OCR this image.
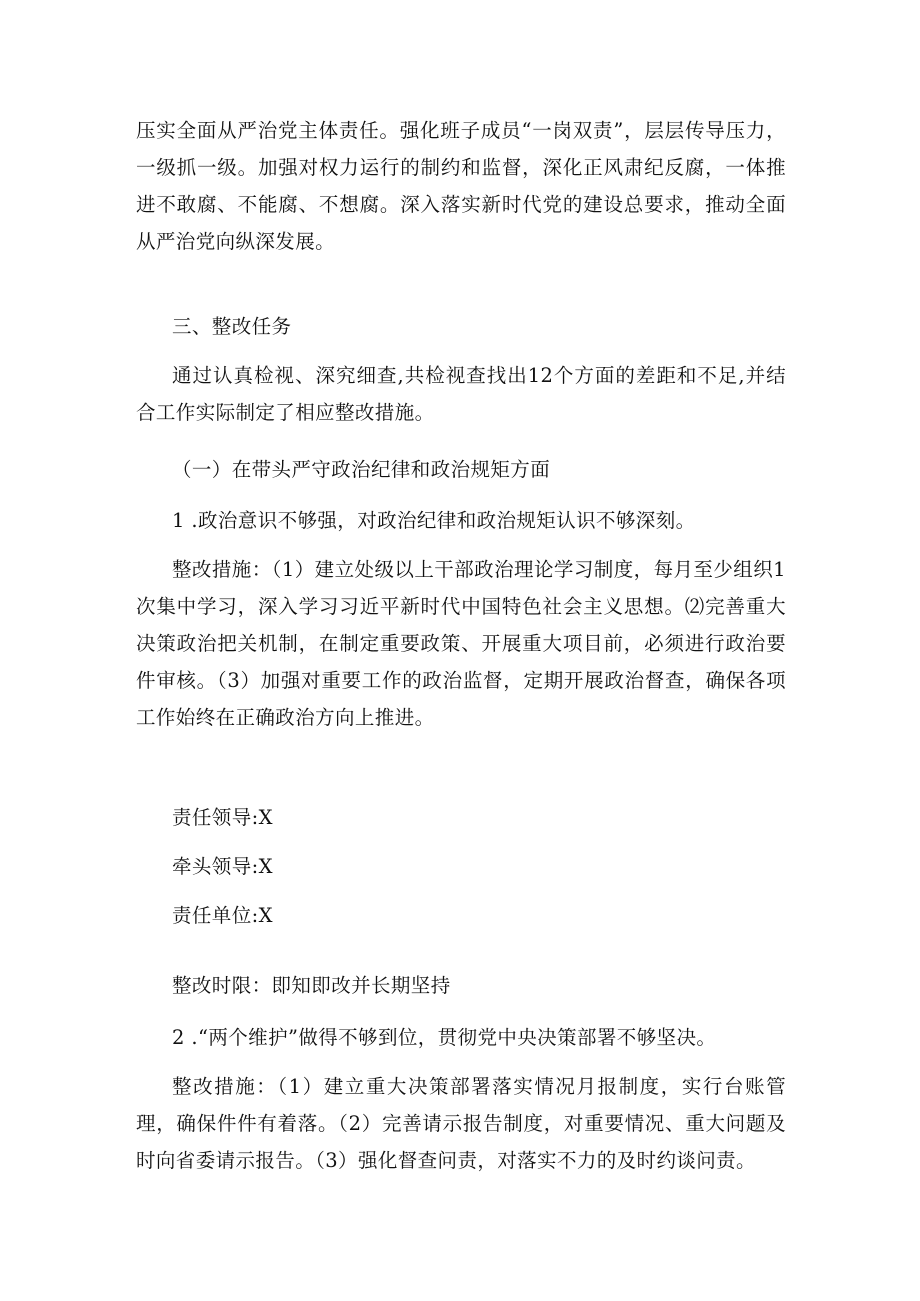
压实全面从严治党主体责任。强化班子成员“一岗双责”，层层传导压力，一级抓一级。加强对权力运行的制约和监督，深化正风肃纪反腐，一体推进不敢腐、不能腐、不想腐。深入落实新时代党的建设总要求，推动全面从严治党向纵深发展。

三、整改任务

通过认真检视、深究细查,共检视查找出12个方面的差距和不足,并结合工作实际制定了相应整改措施。

（一）在带头严守政治纪律和政治规矩方面

1 .政治意识不够强，对政治纪律和政治规矩认识不够深刻。

整改措施：（1）建立处级以上干部政治理论学习制度，每月至少组织1次集中学习，深入学习习近平新时代中国特色社会主义思想。⑵完善重大决策政治把关机制，在制定重要政策、开展重大项目前，必须进行政治要件审核。（3）加强对重要工作的政治监督，定期开展政治督查，确保各项工作始终在正确政治方向上推进。

责任领导:X

牵头领导:X

责任单位:X

整改时限：即知即改并长期坚持

2 .“两个维护”做得不够到位，贯彻党中央决策部署不够坚决。

整改措施：（1）建立重大决策部署落实情况月报制度，实行台账管理，确保件件有着落。（2）完善请示报告制度，对重要情况、重大问题及时向省委请示报告。（3）强化督查问责，对落实不力的及时约谈问责。
